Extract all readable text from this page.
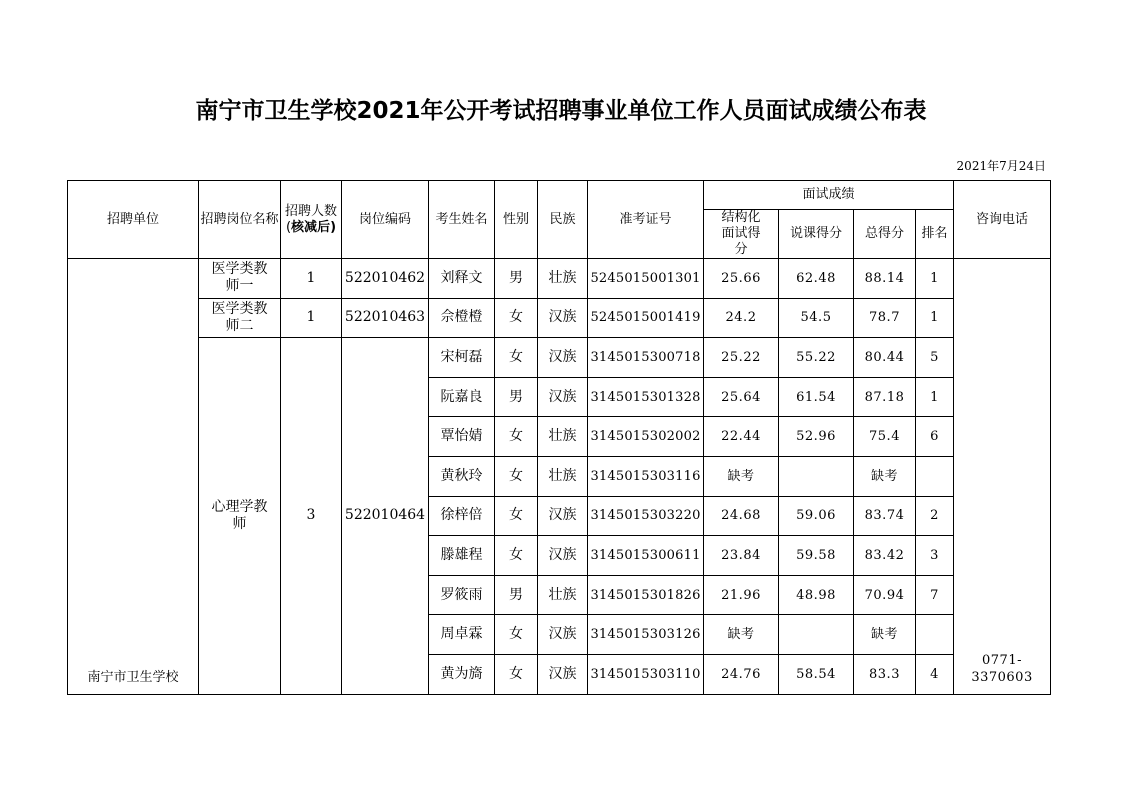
南宁市卫生学校2021年公开考试招聘事业单位工作人员面试成绩公布表
2021年7月24日
招聘单位	招聘岗位名称	招聘人数(核减后)	岗位编码	考生姓名	性别	民族	准考证号	面试成绩				咨询电话
								结构化面试得分	说课得分	总得分	排名	
南宁市卫生学校	医学类教师一	1	522010462	刘释文	男	壮族	5245015001301	25.66	62.48	88.14	1	0771-3370603
	医学类教师二	1	522010463	佘橙橙	女	汉族	5245015001419	24.2	54.5	78.7	1	
	心理学教师	3	522010464	宋柯磊	女	汉族	3145015300718	25.22	55.22	80.44	5	
				阮嘉良	男	汉族	3145015301328	25.64	61.54	87.18	1	
				覃怡婧	女	壮族	3145015302002	22.44	52.96	75.4	6	
				黄秋玲	女	壮族	3145015303116	缺考		缺考		
				徐梓倍	女	汉族	3145015303220	24.68	59.06	83.74	2	
				滕雄程	女	汉族	3145015300611	23.84	59.58	83.42	3	
				罗筱雨	男	壮族	3145015301826	21.96	48.98	70.94	7	
				周卓霖	女	汉族	3145015303126	缺考		缺考		
				黄为旖	女	汉族	3145015303110	24.76	58.54	83.3	4	
